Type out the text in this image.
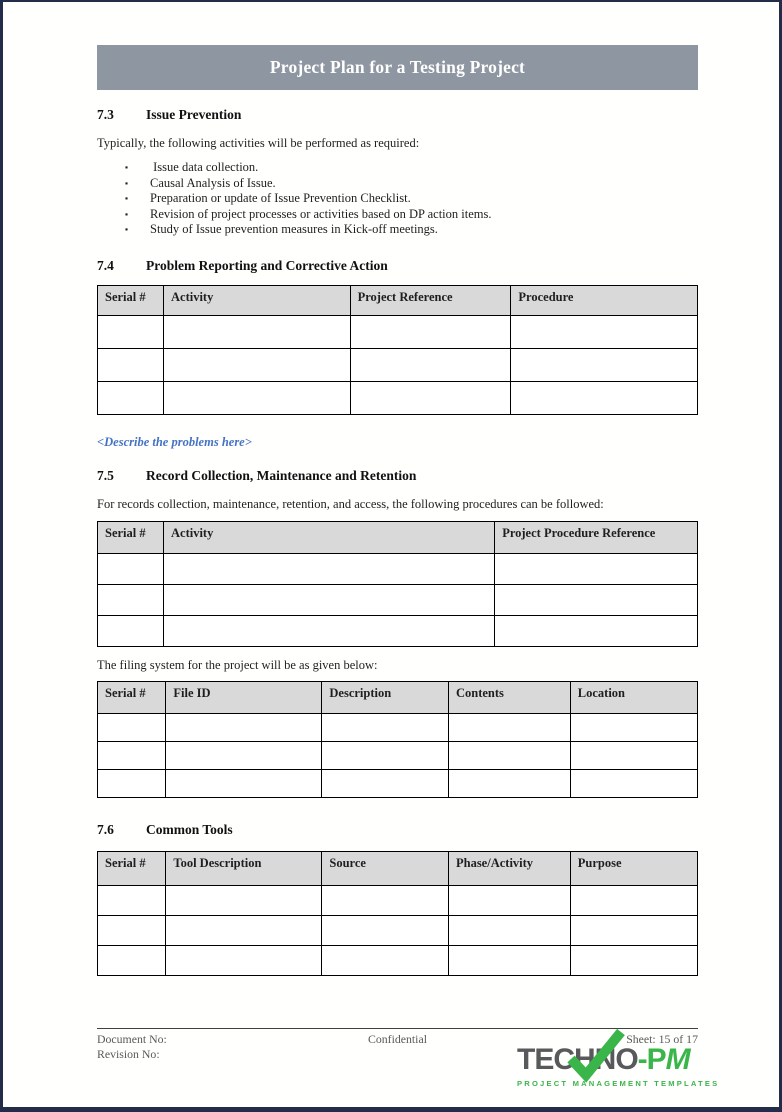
Project Plan for a Testing Project
7.3	Issue Prevention

Typically, the following activities will be performed as required:

▪	Issue data collection.
▪	Causal Analysis of Issue.
▪	Preparation or update of Issue Prevention Checklist.
▪	Revision of project processes or activities based on DP action items.
▪	Study of Issue prevention measures in Kick-off meetings.
7.4	Problem Reporting and Corrective Action
Serial #	Activity	Project Reference	Procedure

<Describe the problems here>

7.5	Record Collection, Maintenance and Retention

For records collection, maintenance, retention, and access, the following procedures can be followed:

Serial #	Activity	Project Procedure Reference

The filing system for the project will be as given below:

Serial #	File ID	Description	Contents	Location

7.6	Common Tools
Serial #	Tool Description	Source	Phase/Activity	Purpose

Document No:	Confidential	Sheet: 15 of 17
Revision No:	TECHNO-PM
PROJECT MANAGEMENT TEMPLATES
